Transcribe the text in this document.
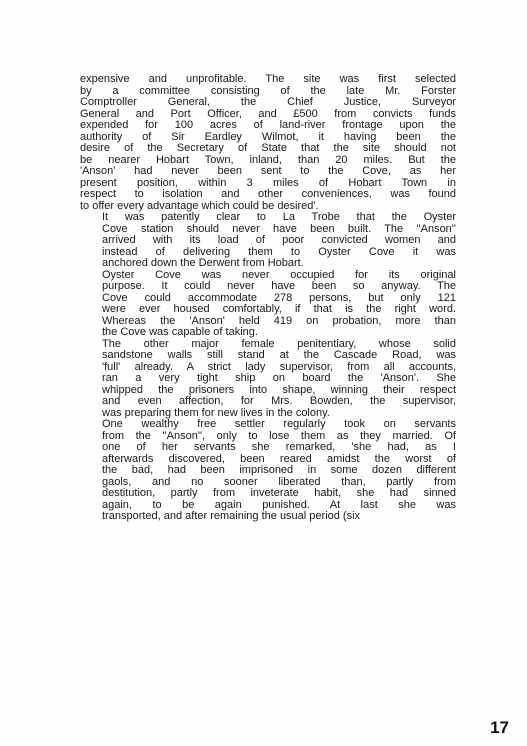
expensive and unprofitable. The site was first selected
by a committee consisting of the late Mr. Forster
Comptroller General, the Chief Justice, Surveyor
General and Port Officer, and £500 from convicts funds
expended for 100 acres of land-river frontage upon the
authority of Sir Eardley Wilmot, it having been the
desire of the Secretary of State that the site should not
be nearer Hobart Town, inland, than 20 miles. But the
'Anson' had never been sent to the Cove, as her
present position, within 3 miles of Hobart Town in
respect to isolation and other conveniences, was found
to offer every advantage which could be desired'.

It was patently clear to La Trobe that the Oyster
Cove station should never have been built. The ''Anson''
arrived with its load of poor convicted women and
instead of delivering them to Oyster Cove it was
anchored down the Derwent from Hobart.

Oyster Cove was never occupied for its original
purpose. It could never have been so anyway. The
Cove could accommodate 278 persons, but only 121
were ever housed comfortably, if that is the right word.
Whereas the 'Anson' held 419 on probation, more than
the Cove was capable of taking.

The other major female penitentiary, whose solid
sandstone walls still stand at the Cascade Road, was
'full' already. A strict lady supervisor, from all accounts,
ran a very tight ship on board the 'Anson'. She
whipped the prisoners into shape, winning their respect
and even affection, for Mrs. Bowden, the supervisor,
was preparing them for new lives in the colony.

One wealthy free settler regularly took on servants
from the ''Anson'', only to lose them as they married. Of
one of her servants she remarked, 'she had, as I
afterwards discovered, been reared amidst the worst of
the bad, had been imprisoned in some dozen different
gaols, and no sooner liberated than, partly from
destitution, partly from inveterate habit, she had sinned
again, to be again punished. At last she was
transported, and after remaining the usual period (six

17
